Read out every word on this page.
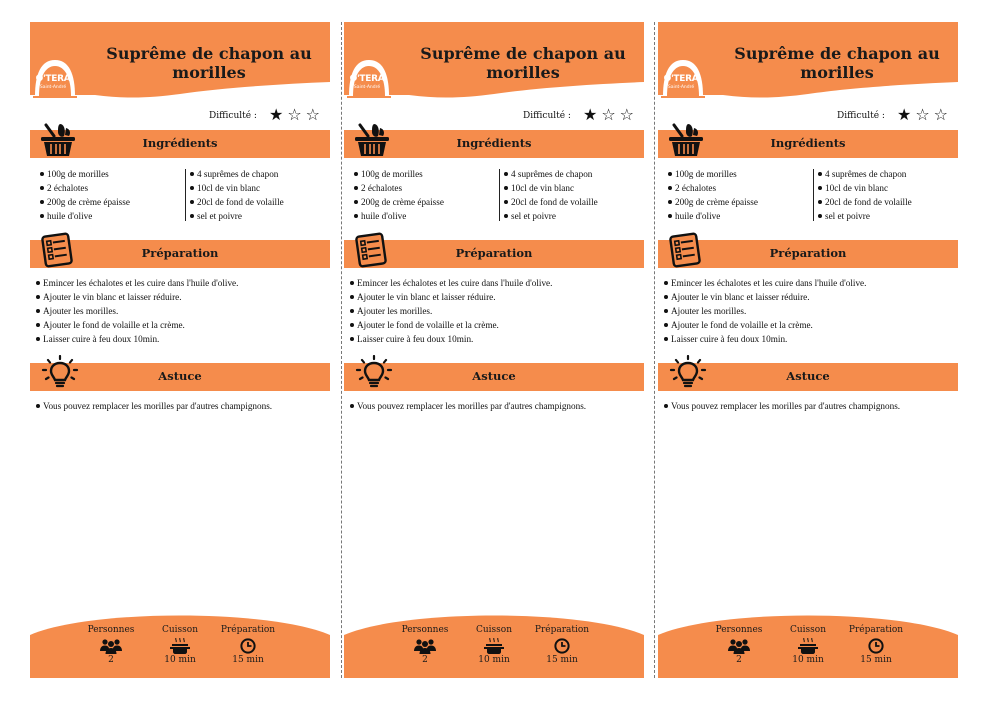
Suprême de chapon au
morilles
O'TERA
Saint-André
Difficulté : ★ ☆ ☆
Ingrédients
100g de morilles
2 échalotes
200g de crème épaisse
huile d'olive
4 suprêmes de chapon
10cl de vin blanc
20cl de fond de volaille
sel et poivre
Préparation
Emincer les échalotes et les cuire dans l'huile d'olive.
Ajouter le vin blanc et laisser réduire.
Ajouter les morilles.
Ajouter le fond de volaille et la crème.
Laisser cuire à feu doux 10min.
Astuce
Vous pouvez remplacer les morilles par d'autres champignons.
Personnes
2
Cuisson
10 min
Préparation
15 min
Suprême de chapon au
morilles
O'TERA
Saint-André
Difficulté : ★ ☆ ☆
Ingrédients
100g de morilles
2 échalotes
200g de crème épaisse
huile d'olive
4 suprêmes de chapon
10cl de vin blanc
20cl de fond de volaille
sel et poivre
Préparation
Emincer les échalotes et les cuire dans l'huile d'olive.
Ajouter le vin blanc et laisser réduire.
Ajouter les morilles.
Ajouter le fond de volaille et la crème.
Laisser cuire à feu doux 10min.
Astuce
Vous pouvez remplacer les morilles par d'autres champignons.
Personnes
2
Cuisson
10 min
Préparation
15 min
Suprême de chapon au
morilles
O'TERA
Saint-André
Difficulté : ★ ☆ ☆
Ingrédients
100g de morilles
2 échalotes
200g de crème épaisse
huile d'olive
4 suprêmes de chapon
10cl de vin blanc
20cl de fond de volaille
sel et poivre
Préparation
Emincer les échalotes et les cuire dans l'huile d'olive.
Ajouter le vin blanc et laisser réduire.
Ajouter les morilles.
Ajouter le fond de volaille et la crème.
Laisser cuire à feu doux 10min.
Astuce
Vous pouvez remplacer les morilles par d'autres champignons.
Personnes
2
Cuisson
10 min
Préparation
15 min
